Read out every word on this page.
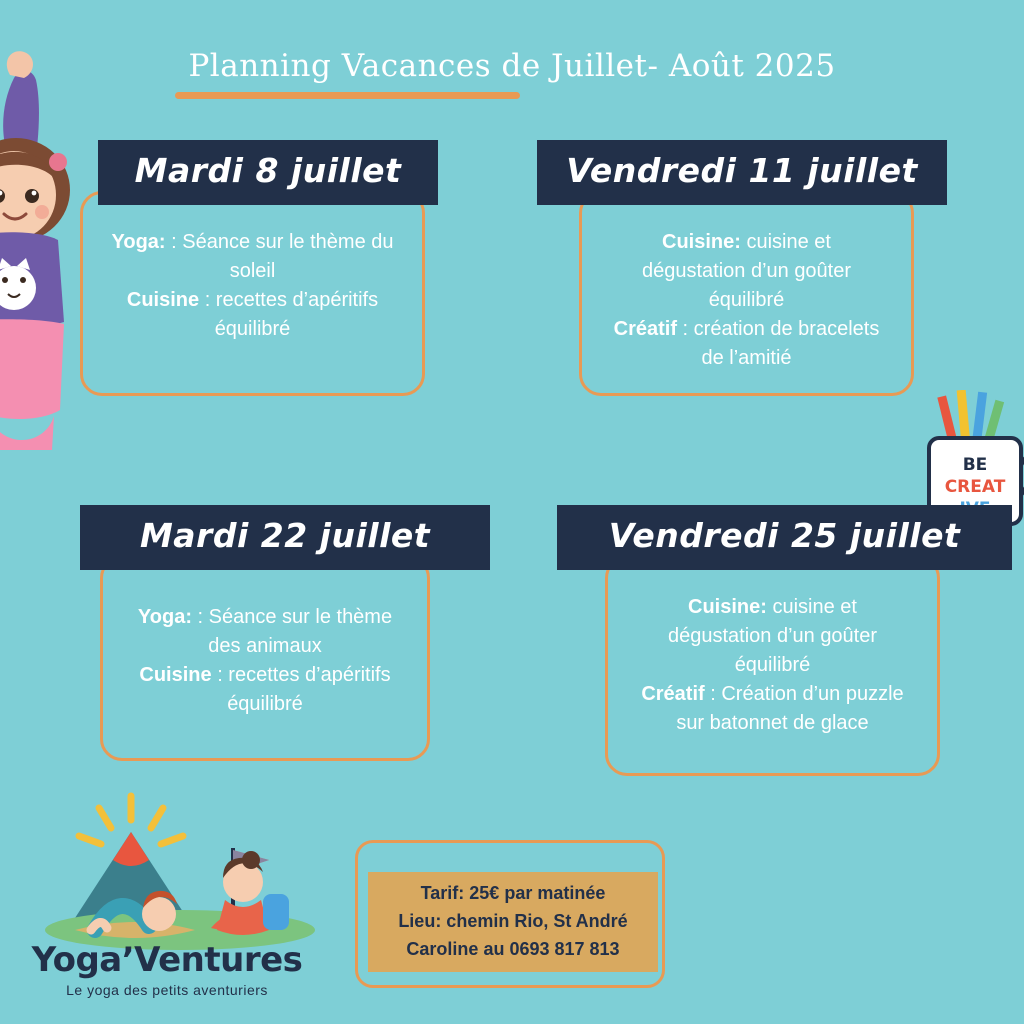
Planning Vacances de Juillet- Août 2025
Mardi 8 juillet

Yoga: : Séance sur le thème du soleil

Cuisine : recettes d’apéritifs équilibré

Vendredi 11 juillet

Cuisine: cuisine et dégustation d’un goûter équilibré

Créatif : création de bracelets de l’amitié

Mardi 22 juillet

Yoga: : Séance sur le thème des animaux

Cuisine : recettes d’apéritifs équilibré

Vendredi 25 juillet

Cuisine: cuisine et dégustation d’un goûter équilibré

Créatif : Création d’un puzzle sur batonnet de glace

BE
CREAT
Tarif: 25€ par matinée
Lieu: chemin Rio, St André
Caroline au 0693 817 813
Yoga’Ventures
Le yoga des petits aventuriers
